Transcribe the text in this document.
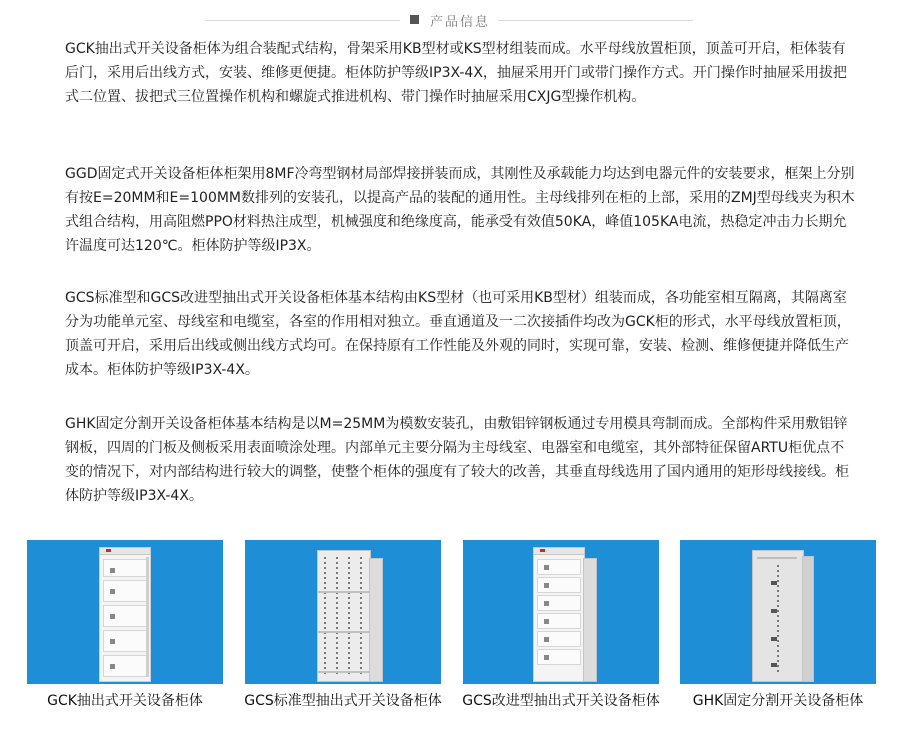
产品信息
GCK抽出式开关设备柜体为组合装配式结构，骨架采用KB型材或KS型材组装而成。水平母线放置柜顶，顶盖可开启，柜体装有后门，采用后出线方式，安装、维修更便捷。柜体防护等级IP3X-4X，抽屉采用开门或带门操作方式。开门操作时抽屉采用拔把式二位置、拔把式三位置操作机构和螺旋式推进机构、带门操作时抽屉采用CXJG型操作机构。
GGD固定式开关设备柜体柜架用8MF冷弯型钢材局部焊接拼装而成，其刚性及承载能力均达到电器元件的安装要求，框架上分别有按E=20MM和E=100MM数排列的安装孔，以提高产品的装配的通用性。主母线排列在柜的上部，采用的ZMJ型母线夹为积木式组合结构，用高阻燃PPO材料热注成型，机械强度和绝缘度高，能承受有效值50KA，峰值105KA电流，热稳定冲击力长期允许温度可达120℃。柜体防护等级IP3X。
GCS标准型和GCS改进型抽出式开关设备柜体基本结构由KS型材（也可采用KB型材）组装而成，各功能室相互隔离，其隔离室分为功能单元室、母线室和电缆室，各室的作用相对独立。垂直通道及一二次接插件均改为GCK柜的形式，水平母线放置柜顶，顶盖可开启，采用后出线或侧出线方式均可。在保持原有工作性能及外观的同时，实现可靠，安装、检测、维修便捷并降低生产成本。柜体防护等级IP3X-4X。
GHK固定分割开关设备柜体基本结构是以M=25MM为模数安装孔，由敷铝锌钢板通过专用模具弯制而成。全部构件采用敷铝锌钢板，四周的门板及侧板采用表面喷涂处理。内部单元主要分隔为主母线室、电器室和电缆室，其外部特征保留ARTU柜优点不变的情况下，对内部结构进行较大的调整，使整个柜体的强度有了较大的改善，其垂直母线选用了国内通用的矩形母线接线。柜体防护等级IP3X-4X。
GCK抽出式开关设备柜体	GCS标准型抽出式开关设备柜体	GCS改进型抽出式开关设备柜体	GHK固定分割开关设备柜体
